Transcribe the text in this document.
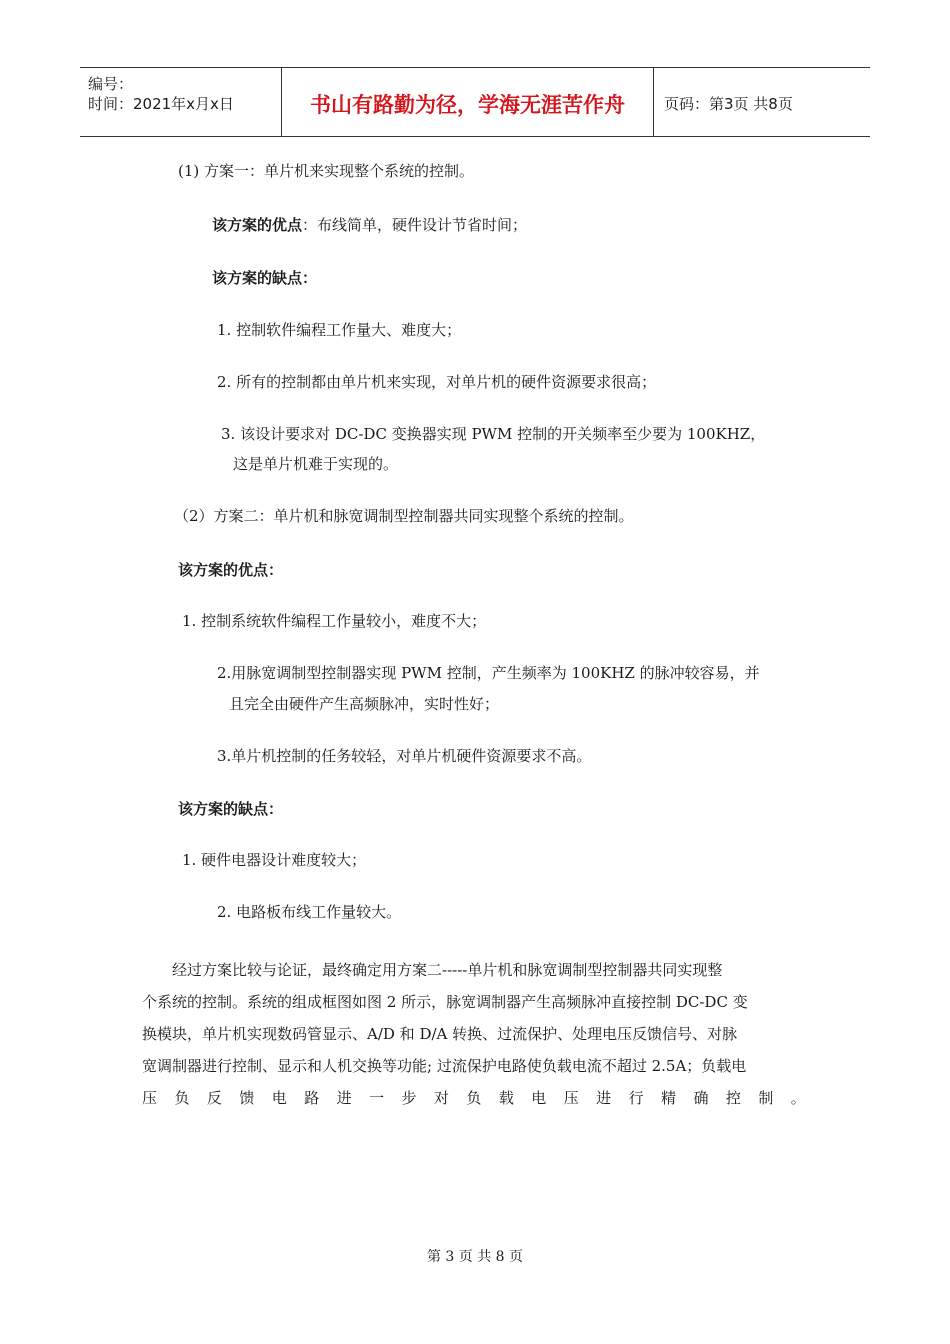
编号：
时间：2021年x月x日	书山有路勤为径，学海无涯苦作舟	页码：第3页 共8页
(1) 方案一：单片机来实现整个系统的控制。
该方案的优点：布线简单，硬件设计节省时间；
该方案的缺点：
1. 控制软件编程工作量大、难度大；
2. 所有的控制都由单片机来实现，对单片机的硬件资源要求很高；
3. 该设计要求对 DC-DC 变换器实现 PWM 控制的开关频率至少要为 100KHZ，
这是单片机难于实现的。
（2）方案二：单片机和脉宽调制型控制器共同实现整个系统的控制。
该方案的优点：
1. 控制系统软件编程工作量较小，难度不大；
2.用脉宽调制型控制器实现 PWM 控制，产生频率为 100KHZ 的脉冲较容易，并
且完全由硬件产生高频脉冲，实时性好；
3.单片机控制的任务较轻，对单片机硬件资源要求不高。
该方案的缺点：
1. 硬件电器设计难度较大；
2. 电路板布线工作量较大。
　　经过方案比较与论证，最终确定用方案二-----单片机和脉宽调制型控制器共同实现整
个系统的控制。系统的组成框图如图 2 所示，脉宽调制器产生高频脉冲直接控制 DC-DC 变
换模块，单片机实现数码管显示、A/D 和 D/A 转换、过流保护、处理电压反馈信号、对脉
宽调制器进行控制、显示和人机交换等功能; 过流保护电路使负载电流不超过 2.5A；负载电
压 负 反 馈 电 路 进 一 步 对 负 载 电 压 进 行 精 确 控 制 。
第 3 页 共 8 页
